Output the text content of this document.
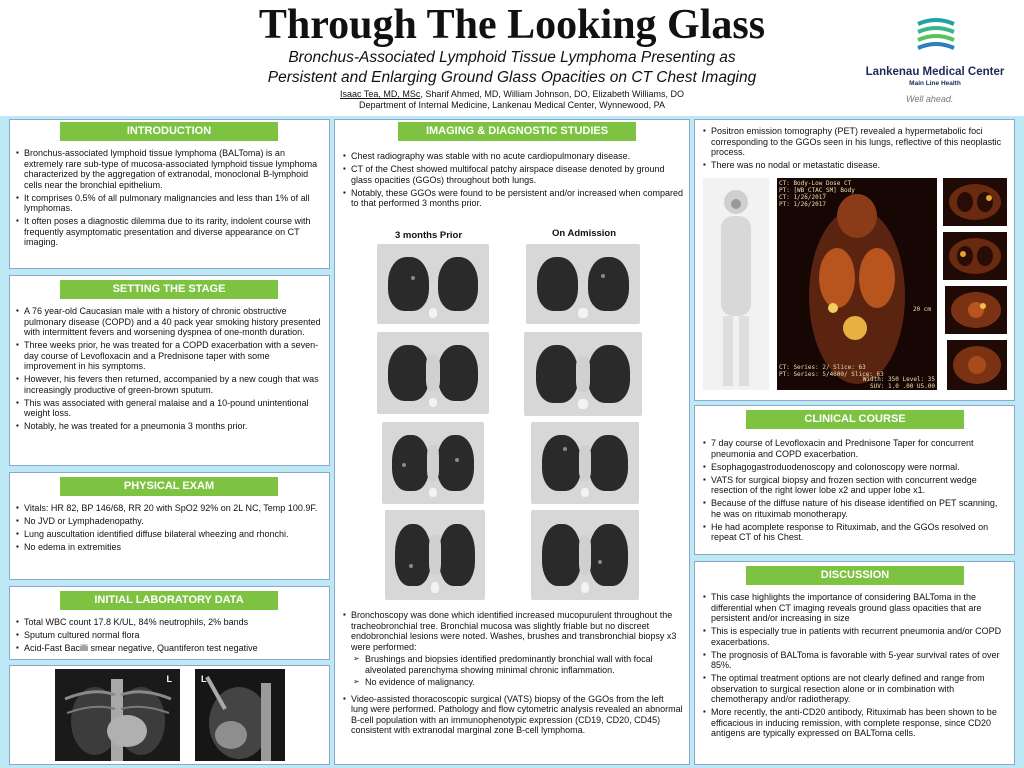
Through The Looking Glass
Bronchus-Associated Lymphoid Tissue Lymphoma Presenting as
Persistent and Enlarging Ground Glass Opacities on CT Chest Imaging
Isaac Tea, MD, MSc, Sharif Ahmed, MD, William Johnson, DO, Elizabeth Williams, DO
Department of Internal Medicine, Lankenau Medical Center, Wynnewood, PA
Lankenau Medical Center
Main Line Health
Well ahead.
INTRODUCTION
▪ Bronchus-associated lymphoid tissue lymphoma (BALToma) is an extremely rare sub-type of mucosa-associated lymphoid tissue lymphoma characterized by the aggregation of extranodal, monoclonal B-lymphoid cells near the bronchial epithelium.
▪ It comprises 0.5% of all pulmonary malignancies and less than 1% of all lymphomas.
▪ It often poses a diagnostic dilemma due to its rarity, indolent course with frequently asymptomatic presentation and diverse appearance on CT imaging.
SETTING THE STAGE
▪ A 76 year-old Caucasian male with a history of chronic obstructive pulmonary disease (COPD) and a 40 pack year smoking history presented with intermittent fevers and worsening dyspnea of one-month duration.
▪ Three weeks prior, he was treated for a COPD exacerbation with a seven-day course of Levofloxacin and a Prednisone taper with some improvement in his symptoms.
▪ However, his fevers then returned, accompanied by a new cough that was increasingly productive of green-brown sputum.
▪ This was associated with general malaise and a 10-pound unintentional weight loss.
▪ Notably, he was treated for a pneumonia 3 months prior.
PHYSICAL EXAM
▪ Vitals: HR 82, BP 146/68, RR 20 with SpO2 92% on 2L NC, Temp 100.9F.
▪ No JVD or Lymphadenopathy.
▪ Lung auscultation identified diffuse bilateral wheezing and rhonchi.
▪ No edema in extremities
INITIAL LABORATORY DATA
▪ Total WBC count 17.8 K/UL, 84% neutrophils, 2% bands
▪ Sputum cultured normal flora
▪ Acid-Fast Bacilli smear negative, Quantiferon test negative
L	L
IMAGING & DIAGNOSTIC STUDIES
▪ Chest radiography was stable with no acute cardiopulmonary disease.
▪ CT of the Chest showed multifocal patchy airspace disease denoted by ground glass opacities (GGOs) throughout both lungs.
▪ Notably, these GGOs were found to be persistent and/or increased when compared to that performed 3 months prior.
3 months Prior	On Admission
▪ Bronchoscopy was done which identified increased mucopurulent throughout the tracheobronchial tree. Bronchial mucosa was slightly friable but no discreet endobronchial lesions were noted. Washes, brushes and transbronchial biopsy x3 were performed:
➢ Brushings and biopsies identified predominantly bronchial wall with focal alveolated parenchyma showing minimal chronic inflammation.
➢ No evidence of malignancy.
▪ Video-assisted thoracoscopic surgical (VATS) biopsy of the GGOs from the left lung were performed. Pathology and flow cytometric analysis revealed an abnormal B-cell population with an immunophenotypic expression (CD19, CD20, CD45) consistent with extranodal marginal zone B-cell lymphoma.
▪ Positron emission tomography (PET) revealed a hypermetabolic foci corresponding to the GGOs seen in his lungs, reflective of this neoplastic process.
▪ There was no nodal or metastatic disease.
CT: Body-Low Dose CT
PT: [WB_CTAC_SM] Body
CT: 1/26/2017
PT: 1/26/2017
20 cm
CT: Series: 2/ Slice: 63
PT: Series: 5/4600/ Slice: 63
Width: 350 Level: 35
SUV: 1.0 .00 U5.00
CLINICAL COURSE
▪ 7 day course of Levofloxacin and Prednisone Taper for concurrent pneumonia and COPD exacerbation.
▪ Esophagogastroduodenoscopy and colonoscopy were normal.
▪ VATS for surgical biopsy and frozen section with concurrent wedge resection of the right lower lobe x2 and upper lobe x1.
▪ Because of the diffuse nature of his disease identified on PET scanning, he was on rituximab monotherapy.
▪ He had acomplete response to Rituximab, and the GGOs resolved on repeat CT of his Chest.
DISCUSSION
▪ This case highlights the importance of considering BALToma in the differential when CT imaging reveals ground glass opacities that are persistent and/or increasing in size
▪ This is especially true in patients with recurrent pneumonia and/or COPD exacerbations.
▪ The prognosis of BALToma is favorable with 5-year survival rates of over 85%.
▪ The optimal treatment options are not clearly defined and range from observation to surgical resection alone or in combination with chemotherapy and/or radiotherapy.
▪ More recently, the anti-CD20 antibody, Rituximab has been shown to be efficacious in inducing remission, with complete response, since CD20 antigens are typically expressed on BALToma cells.
